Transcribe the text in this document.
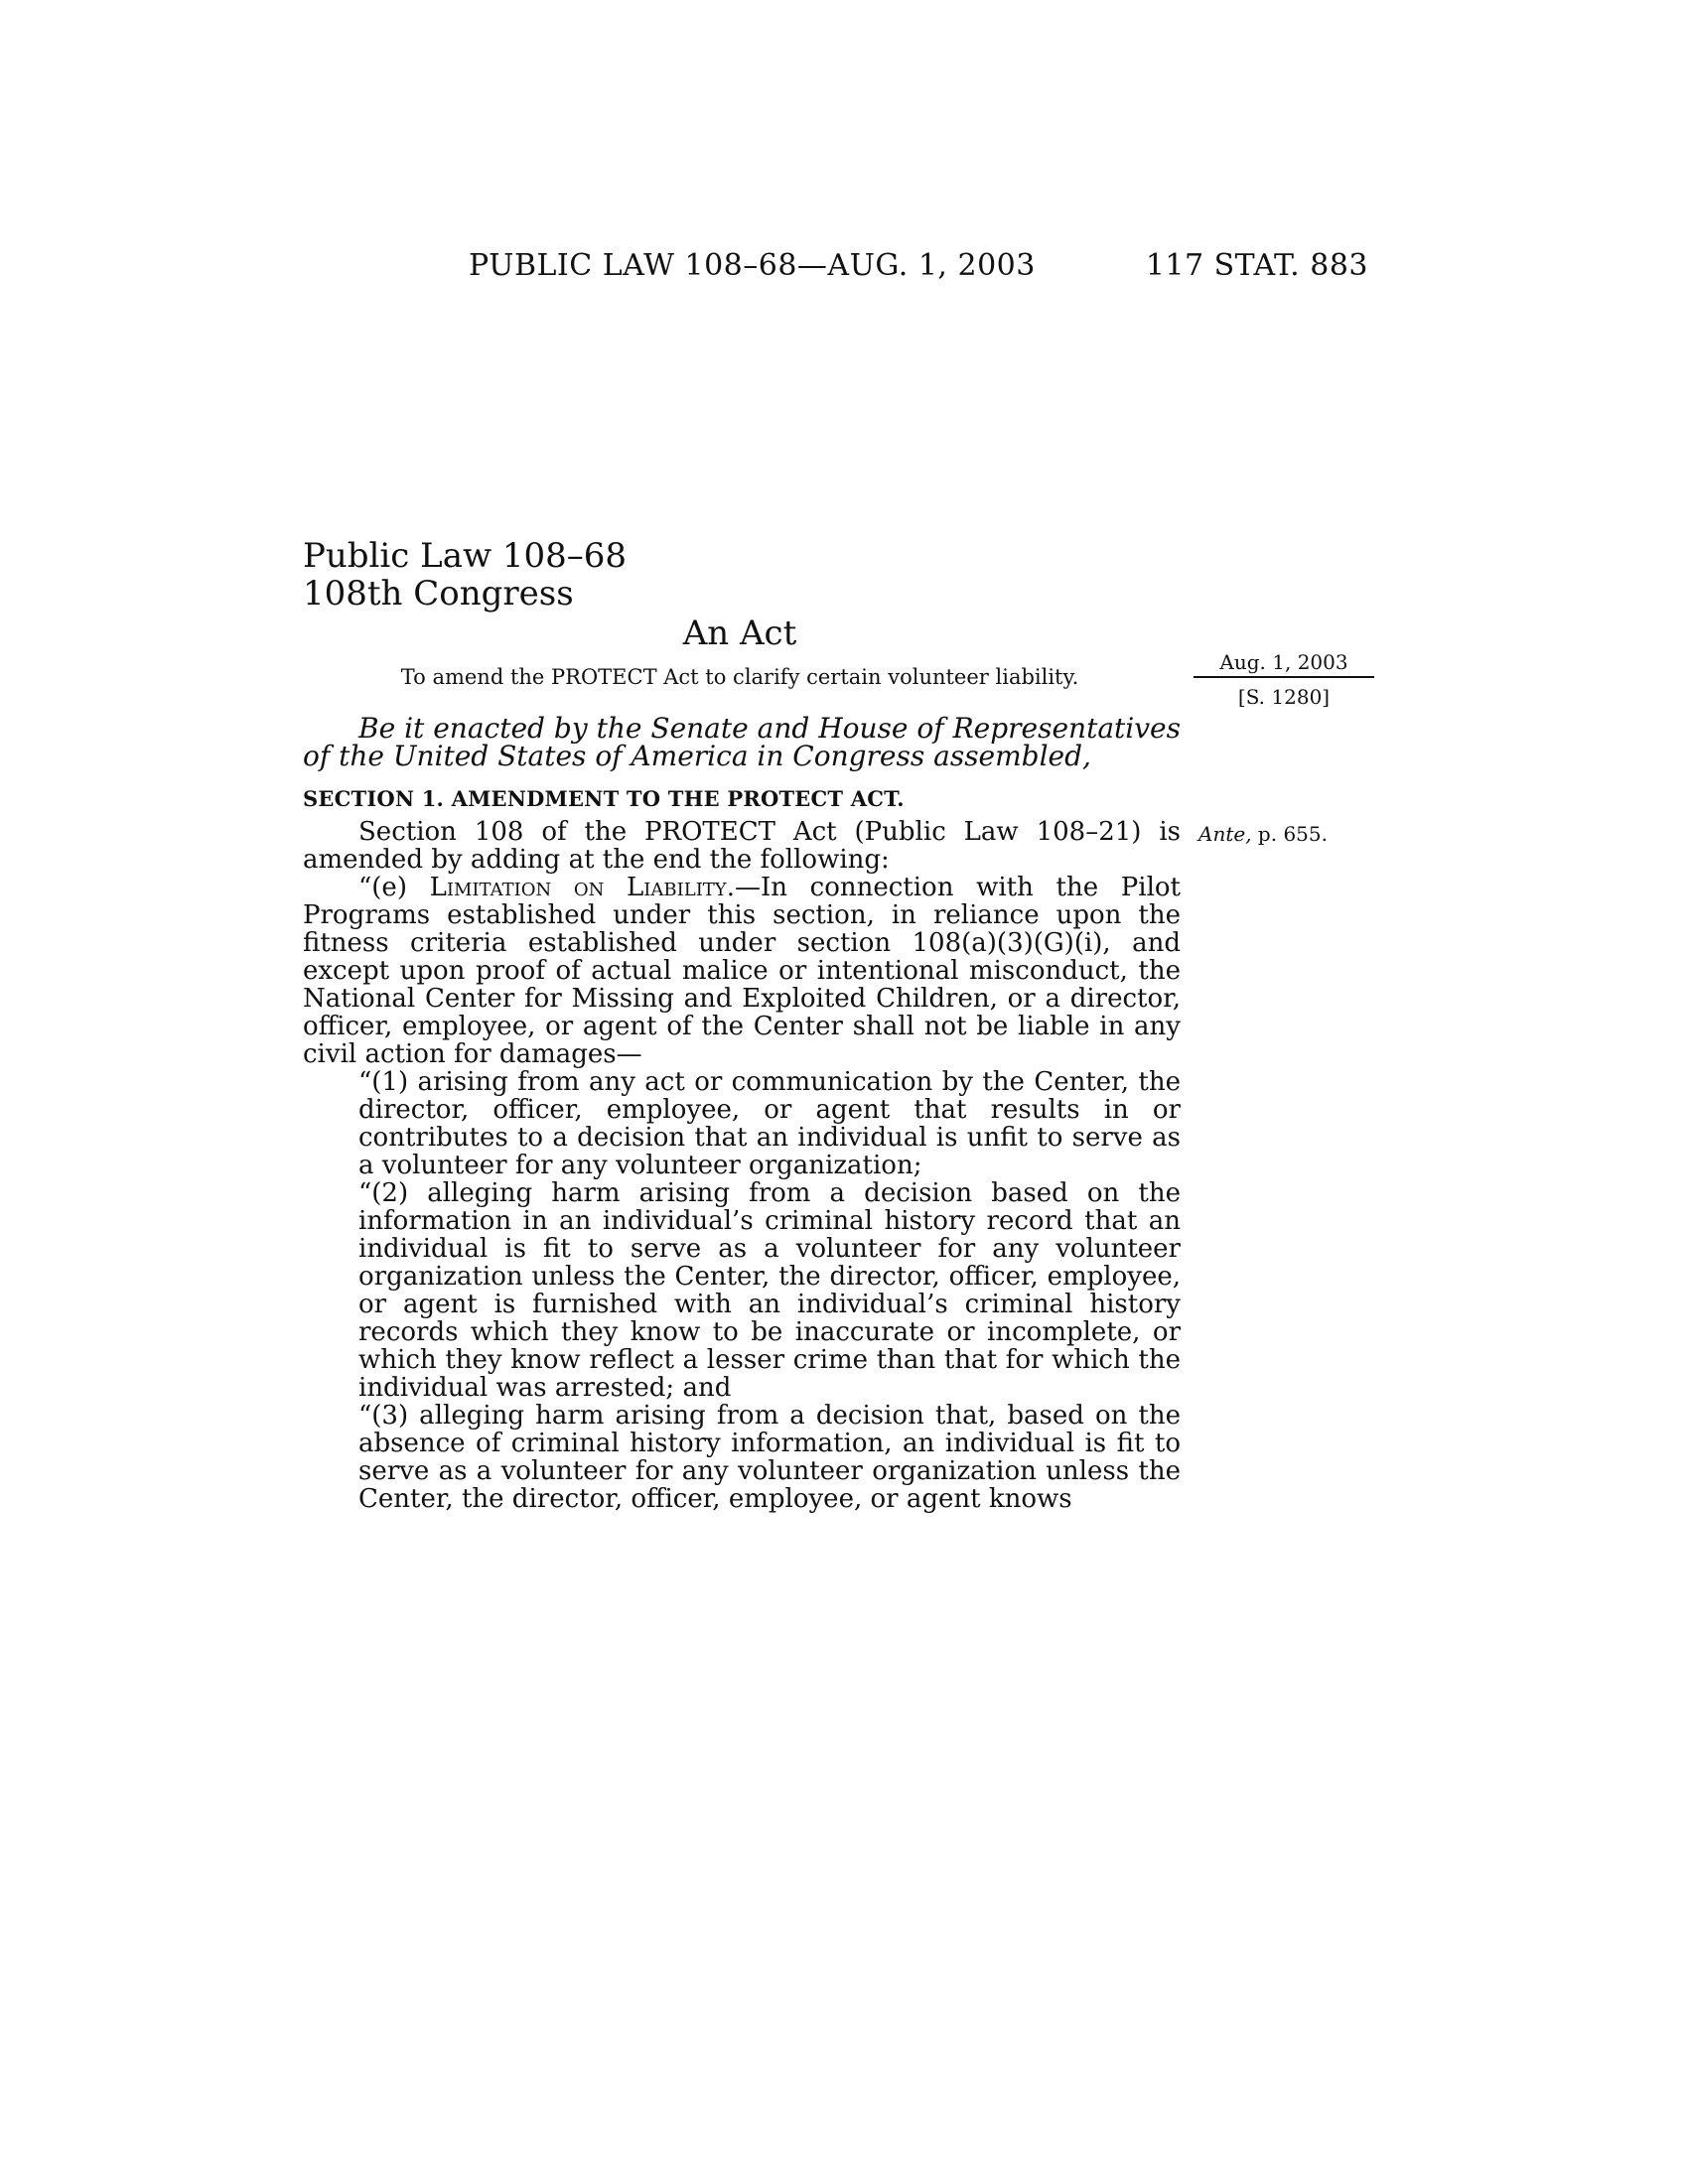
PUBLIC LAW 108–68—AUG. 1, 2003	117 STAT. 883
Public Law 108–68
108th Congress
An Act
To amend the PROTECT Act to clarify certain volunteer liability.
Aug. 1, 2003
[S. 1280]
Ante, p. 655.
Be it enacted by the Senate and House of Representatives of the United States of America in Congress assembled,
SECTION 1. AMENDMENT TO THE PROTECT ACT.
Section 108 of the PROTECT Act (Public Law 108–21) is amended by adding at the end the following:
“(e) Limitation on Liability.—In connection with the Pilot Programs established under this section, in reliance upon the fitness criteria established under section 108(a)(3)(G)(i), and except upon proof of actual malice or intentional misconduct, the National Center for Missing and Exploited Children, or a director, officer, employee, or agent of the Center shall not be liable in any civil action for damages—
“(1) arising from any act or communication by the Center, the director, officer, employee, or agent that results in or contributes to a decision that an individual is unfit to serve as a volunteer for any volunteer organization;
“(2) alleging harm arising from a decision based on the information in an individual’s criminal history record that an individual is fit to serve as a volunteer for any volunteer organization unless the Center, the director, officer, employee, or agent is furnished with an individual’s criminal history records which they know to be inaccurate or incomplete, or which they know reflect a lesser crime than that for which the individual was arrested; and
“(3) alleging harm arising from a decision that, based on the absence of criminal history information, an individual is fit to serve as a volunteer for any volunteer organization unless the Center, the director, officer, employee, or agent knows
